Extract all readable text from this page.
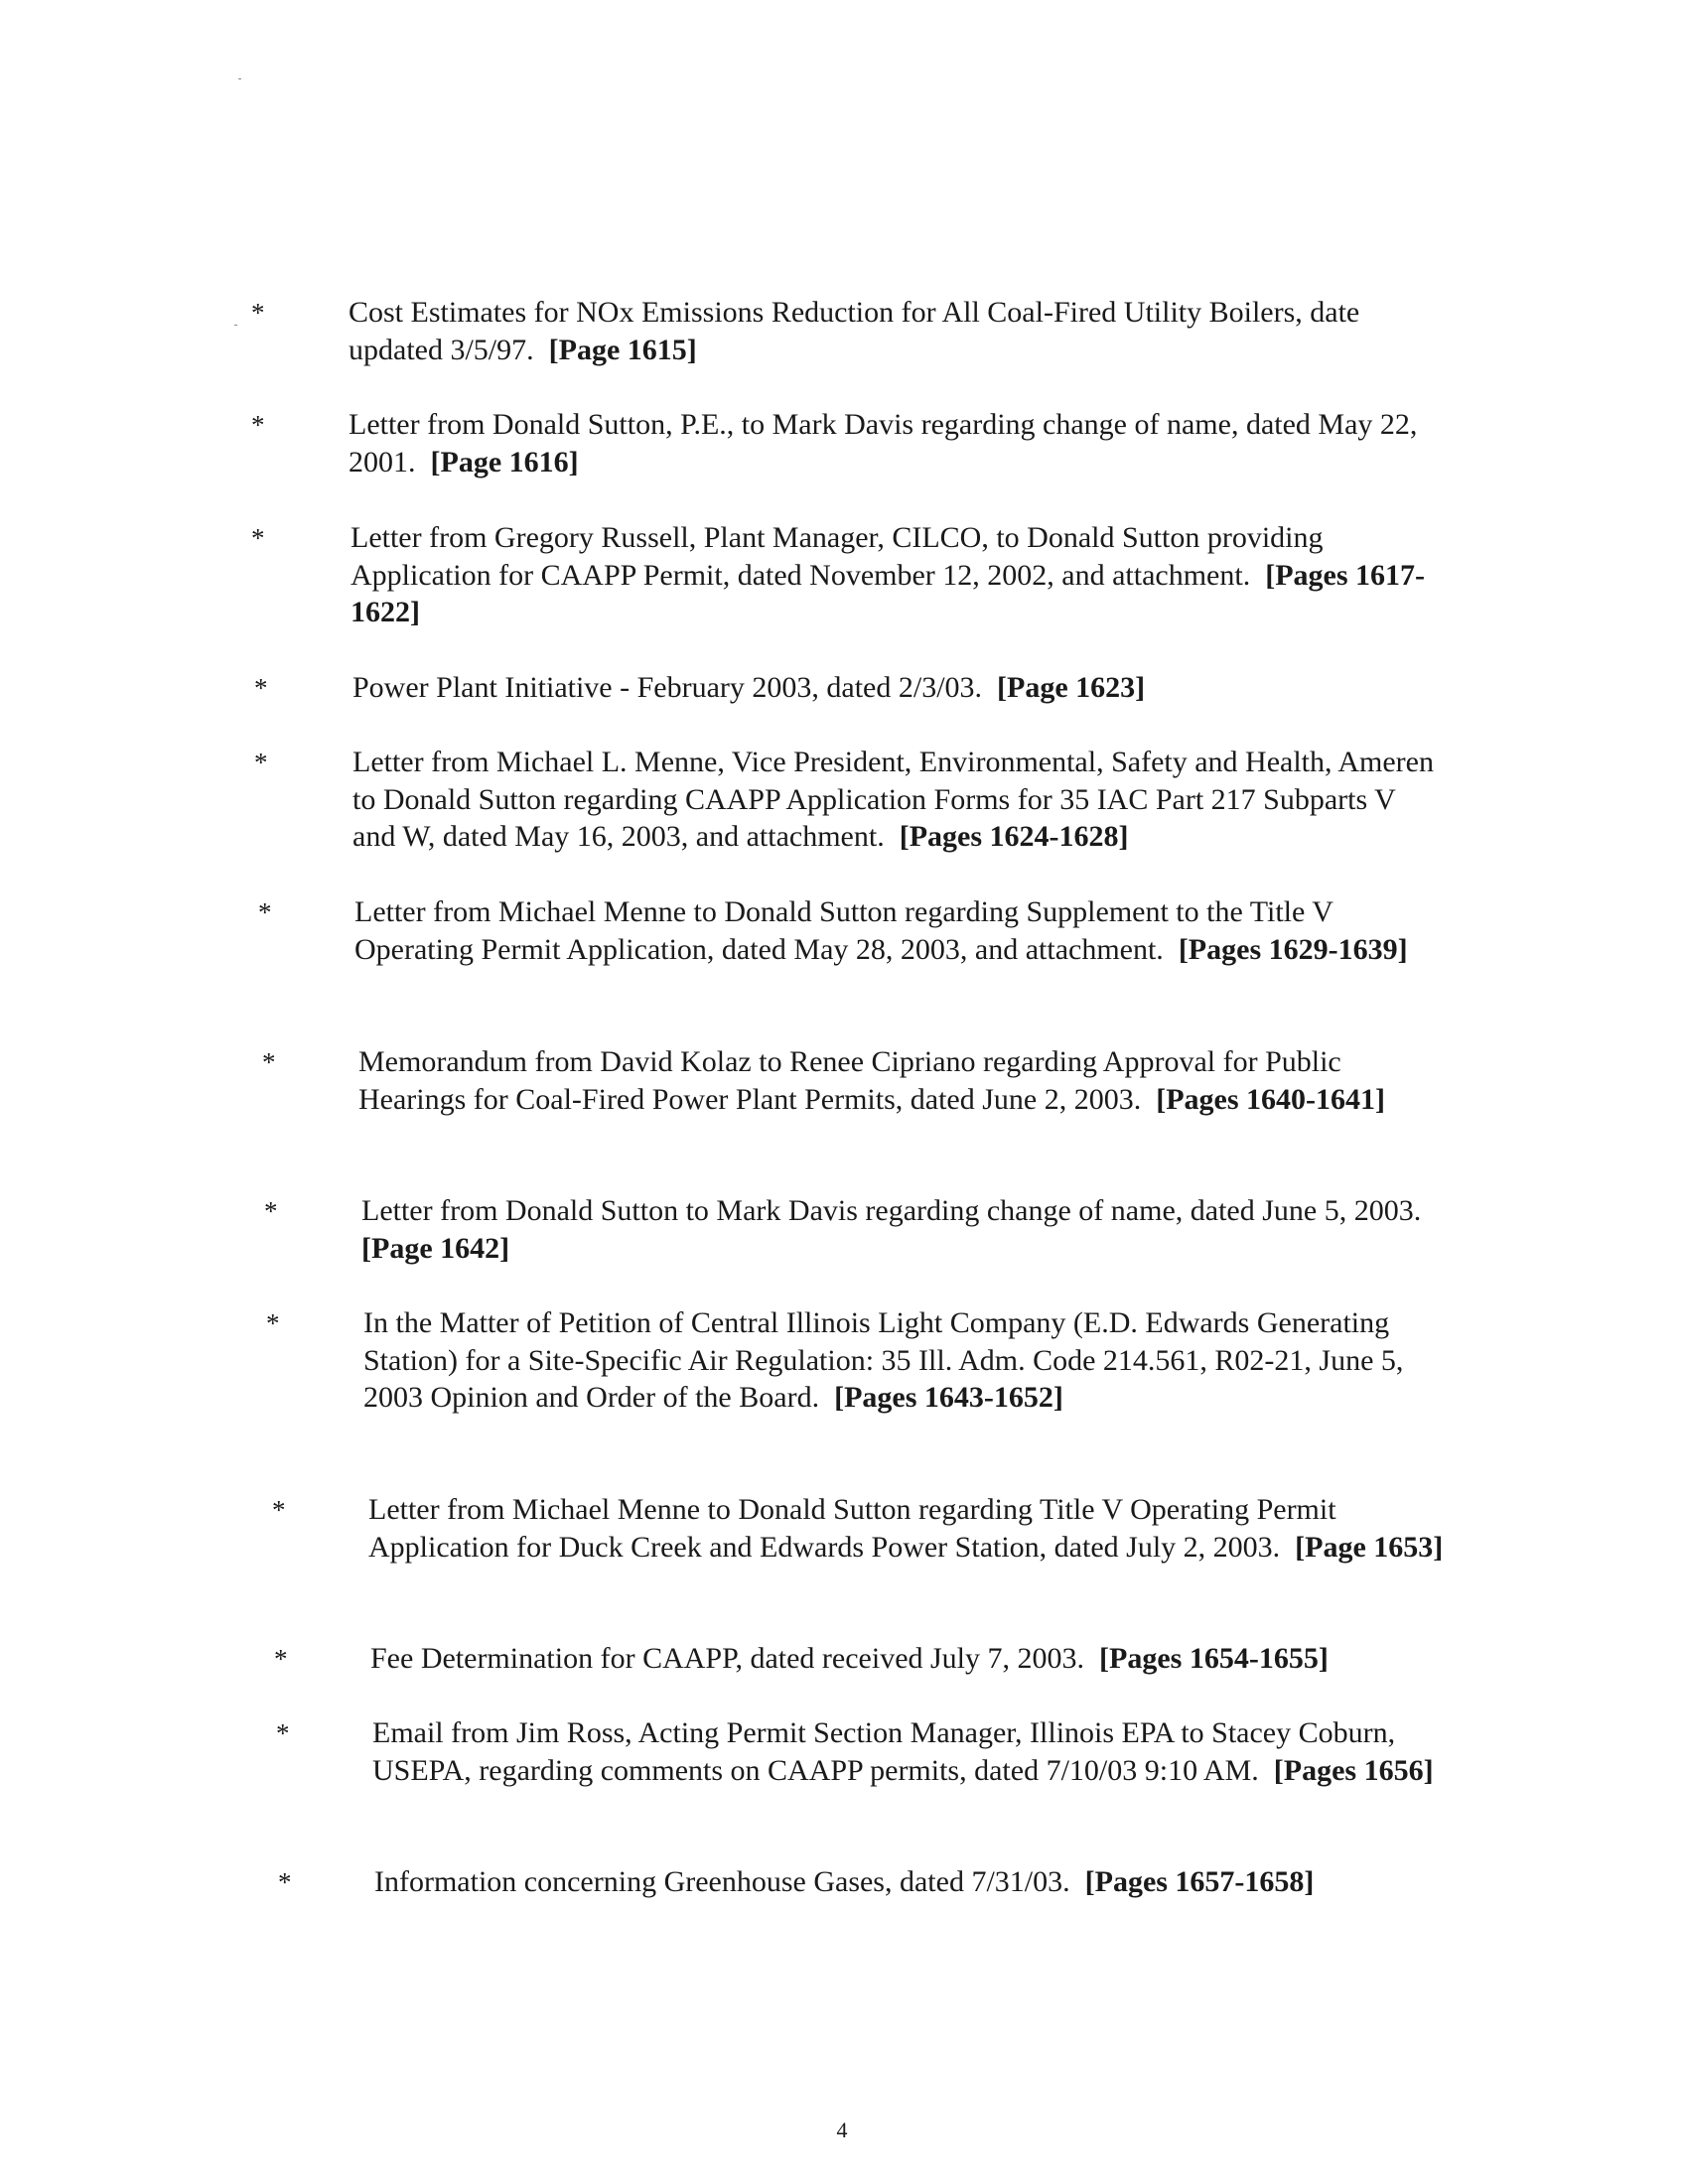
*	Cost Estimates for NOx Emissions Reduction for All Coal-Fired Utility Boilers, date updated 3/5/97. [Page 1615]
*	Letter from Donald Sutton, P.E., to Mark Davis regarding change of name, dated May 22, 2001. [Page 1616]
*	Letter from Gregory Russell, Plant Manager, CILCO, to Donald Sutton providing Application for CAAPP Permit, dated November 12, 2002, and attachment. [Pages 1617-1622]
*	Power Plant Initiative - February 2003, dated 2/3/03. [Page 1623]
*	Letter from Michael L. Menne, Vice President, Environmental, Safety and Health, Ameren to Donald Sutton regarding CAAPP Application Forms for 35 IAC Part 217 Subparts V and W, dated May 16, 2003, and attachment. [Pages 1624-1628]
*	Letter from Michael Menne to Donald Sutton regarding Supplement to the Title V Operating Permit Application, dated May 28, 2003, and attachment. [Pages 1629-1639]
*	Memorandum from David Kolaz to Renee Cipriano regarding Approval for Public Hearings for Coal-Fired Power Plant Permits, dated June 2, 2003. [Pages 1640-1641]
*	Letter from Donald Sutton to Mark Davis regarding change of name, dated June 5, 2003.  [Page 1642]
*	In the Matter of Petition of Central Illinois Light Company (E.D. Edwards Generating Station) for a Site-Specific Air Regulation: 35 Ill. Adm. Code 214.561, R02-21, June 5, 2003 Opinion and Order of the Board. [Pages 1643-1652]
*	Letter from Michael Menne to Donald Sutton regarding Title V Operating Permit Application for Duck Creek and Edwards Power Station, dated July 2, 2003. [Page 1653]
*	Fee Determination for CAAPP, dated received July 7, 2003. [Pages 1654-1655]
*	Email from Jim Ross, Acting Permit Section Manager, Illinois EPA to Stacey Coburn, USEPA, regarding comments on CAAPP permits, dated 7/10/03 9:10 AM. [Pages 1656]
*	Information concerning Greenhouse Gases, dated 7/31/03. [Pages 1657-1658]
4
